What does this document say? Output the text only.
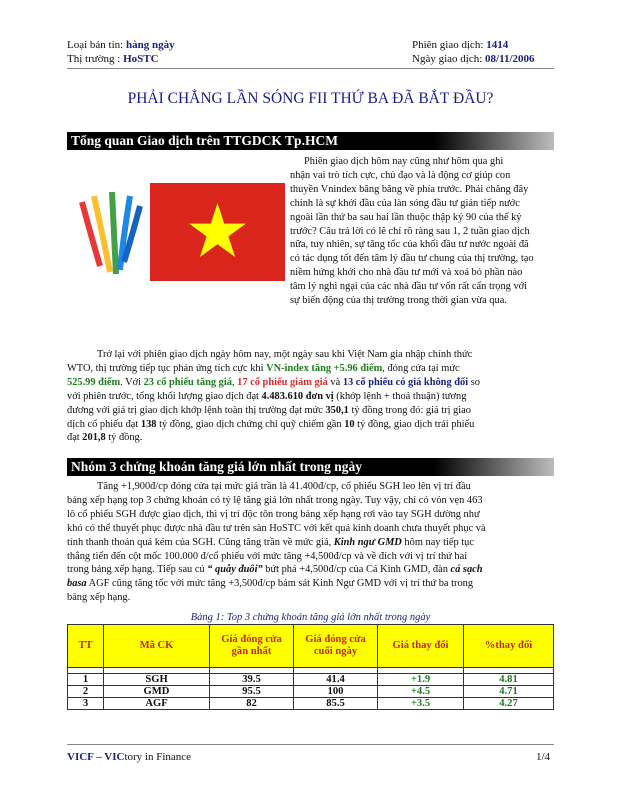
Loại bản tin: hàng ngày
Thị trường : HoSTC
Phiên giao dịch: 1414
Ngày giao dịch: 08/11/2006
PHẢI CHẲNG LẦN SÓNG FII THỨ BA ĐÃ BẮT ĐẦU?
Tổng quan Giao dịch trên TTGDCK Tp.HCM
Phiên giao dịch hôm nay cũng như hôm qua ghi
nhận vai trò tích cực, chủ đạo và là động cơ giúp con
thuyền Vnindex băng băng về phía trước. Phải chăng đây
chính là sự khởi đầu của làn sóng đầu tư gián tiếp nước
ngoài lần thứ ba sau hai lần thuộc thập kỷ 90 của thế kỷ
trước? Câu trả lời có lẽ chỉ rõ ràng sau 1, 2 tuần giao dịch
nữa, tuy nhiên, sự tăng tốc của khối đầu tư nước ngoài đã
có tác dụng tốt đến tâm lý đầu tư chung của thị trường, tạo
niềm hứng khởi cho nhà đầu tư mới và xoá bỏ phần nào
tâm lý nghi ngại của các nhà đầu tư vốn rất cẩn trọng với
sự biến động của thị trường trong thời gian vừa qua.
Trở lại với phiên giao dịch ngày hôm nay, một ngày sau khi Việt Nam gia nhập chính thức
WTO, thị trường tiếp tục phản ứng tích cực khi VN-index tăng +5.96 điểm, đóng cửa tại mức
525.99 điểm. Với 23 cổ phiếu tăng giá, 17 cổ phiếu giảm giá và 13 cổ phiếu có giá không đổi so
với phiên trước, tổng khối lượng giao dịch đạt 4.483.610 đơn vị (khớp lệnh + thoả thuận) tương
đương với giá trị giao dịch khớp lệnh toàn thị trường đạt mức 350,1 tỷ đồng trong đó: giá trị giao
dịch cổ phiếu đạt 138 tỷ đồng, giao dịch chứng chỉ quỹ chiếm gần 10 tỷ đồng, giao dịch trái phiếu
đạt 201,8 tỷ đồng.
Nhóm 3 chứng khoán tăng giá lớn nhất trong ngày
Tăng +1,900đ/cp đóng cửa tại mức giá trần là 41.400đ/cp, cổ phiếu SGH leo lên vị trí đầu
bảng xếp hạng top 3 chứng khoán có tỷ lệ tăng giá lớn nhất trong ngày. Tuy vậy, chỉ có vỏn vẹn 463
lô cổ phiếu SGH được giao dịch, thì vị trí độc tôn trong bảng xếp hạng rơi vào tay SGH dường như
khó có thể thuyết phục được nhà đầu tư trên sàn HoSTC với kết quả kinh doanh chưa thuyết phục và
tính thanh thoản quá kém của SGH. Cũng tăng trần về mức giá, Kinh ngư GMD hôm nay tiếp tục
thẳng tiến đến cột mốc 100.000 đ/cổ phiếu với mức tăng +4,500đ/cp và về đích với vị trí thứ hai
trong bảng xếp hạng. Tiếp sau cú “ quẫy đuôi” bứt phá +4,500đ/cp của Cá Kinh GMD, đàn cá sạch
basa AGF cũng tăng tốc với mức tăng +3,500đ/cp bám sát Kinh Ngư GMD với vị trí thứ ba trong
bảng xếp hạng.
Bảng 1: Top 3 chứng khoán tăng giá lớn nhất trong ngày
TT	Mã CK	Giá đóng cửa gần nhất	Giá đóng cửa cuối ngày	Giá thay đổi	%thay đổi

1	SGH	39.5	41.4	+1.9	4.81
2	GMD	95.5	100	+4.5	4.71
3	AGF	82	85.5	+3.5	4.27
VICF – VICtory in Finance	1/4
